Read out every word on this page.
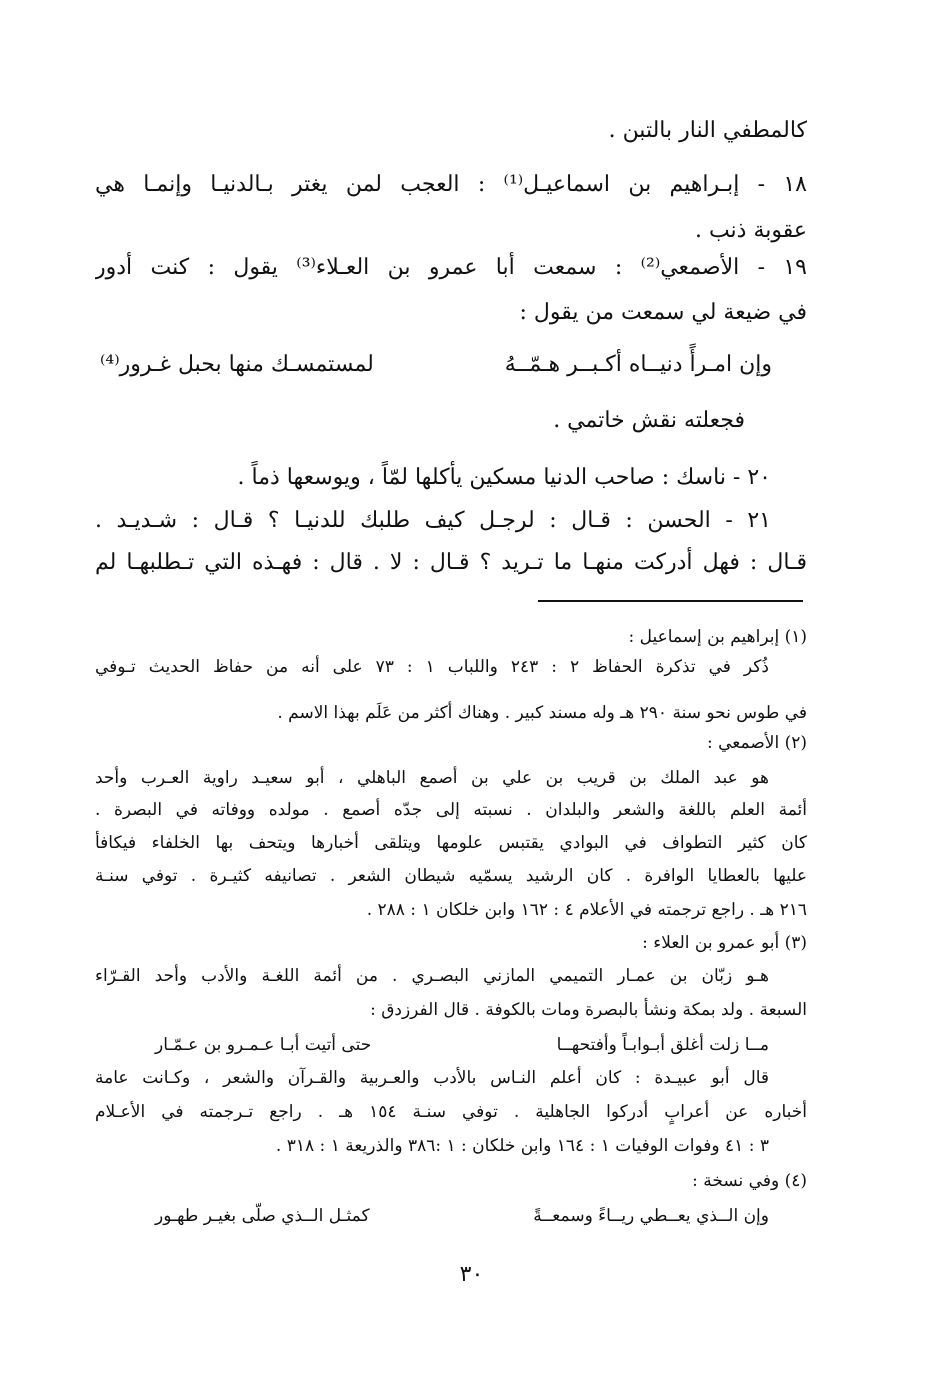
كالمطفي النار بالتبن .
١٨ - إبـراهيم بن اسماعيـل⁽¹⁾ : العجب لمن يغتر بـالدنيـا وإنمـا هي
عقوبة ذنب .
١٩ - الأصمعي⁽²⁾ : سمعت أبا عمرو بن العـلاء⁽³⁾ يقول : كنت أدور
في ضيعة لي سمعت من يقول :
وإن امـرأً دنيــاه أكـبــر هـمّــهُ
لمستمسـك منها بحبل غـرور⁽⁴⁾
فجعلته نقش خاتمي .
٢٠ - ناسك : صاحب الدنيا مسكين يأكلها لمّاً ، ويوسعها ذماً .
٢١ - الحسن : قـال : لرجـل كيف طلبك للدنيـا ؟ قـال : شـديـد .
قـال : فهل أدركت منهـا ما تـريد ؟ قـال : لا . قال : فهـذه التي تـطلبهـا لم
(١) إبراهيم بن إسماعيل :
ذُكر في تذكرة الحفاظ ٢ : ٢٤٣ واللباب ١ : ٧٣ على أنه من حفاظ الحديث تـوفي
في طوس نحو سنة ٢٩٠ هـ وله مسند كبير . وهناك أكثر من عَلَم بهذا الاسم .
(٢) الأصمعي :
هو عبد الملك بن قريب بن علي بن أصمع الباهلي ، أبو سعيـد راوية العـرب وأحد
أئمة العلم باللغة والشعر والبلدان . نسبته إلى جدّه أصمع . مولده ووفاته في البصرة .
كان كثير التطواف في البوادي يقتبس علومها ويتلقى أخبارها ويتحف بها الخلفاء فيكافأ
عليها بالعطايا الوافرة . كان الرشيد يسمّيه شيطان الشعر . تصانيفه كثيـرة . توفي سنـة
٢١٦ هـ . راجع ترجمته في الأعلام ٤ : ١٦٢ وابن خلكان ١ : ٢٨٨ .
(٣) أبو عمرو بن العلاء :
هـو زبّان بن عمـار التميمي المازني البصـري . من أئمة اللغـة والأدب وأحد القـرّاء
السبعة . ولد بمكة ونشأ بالبصرة ومات بالكوفة . قال الفرزدق :
مــا زلت أغلق أبـوابـاً وأفتحهــا
حتى أتيت أبـا عـمـرو بن عـمّـار
قال أبو عبيـدة : كان أعلم النـاس بالأدب والعـربية والقـرآن والشعر ، وكـانت عامة
أخباره عن أعرابٍ أدركوا الجاهلية . توفي سنـة ١٥٤ هـ . راجع تـرجمته في الأعـلام
٣ : ٤١ وفوات الوفيات ١ : ١٦٤ وابن خلكان : ١ :٣٨٦ والذريعة ١ : ٣١٨ .
(٤) وفي نسخة :
وإن الــذي يعــطي ريــاءً وسمعــةً
كمثـل الــذي صلّى بغيـر طهـور
٣٠
